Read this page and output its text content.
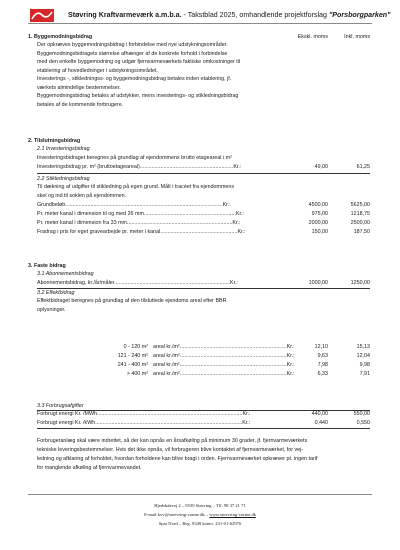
Støvring Kraftvarmeværk a.m.b.a. - Takstblad 2025, omhandlende projektforslag "Porsborgparken"
Ekskl. moms	Inkl. moms
1. Byggemodningsbidrag
Der opkræves byggemodningsbidrag i forbindelse med nye udstykningsområder.
Byggemodningsbidragets størrelse afhænger af de konkrete forhold i forbindelse
med den enkelte byggemodning og udgør fjernvarmeværkets faktiske omkostninger til
etablering af hovedledninger i udstykningsområdet.
Investerings -, stikledningss- og byggemodningsbidrag betales inden etablering, jf.
værkets almindelige bestemmelser.
Byggemodningsbidrag betales af udstykker, mens investerings- og stikledningsbidrag
betales af de kommende forbrugere.
2. Tilslutningsbidrag
2.1 Investeringsbidrag
Investeringsbidraget beregnes på grundlag af ejendommens brutto etageareal i m²
Investeringsbidrag pr. m² (bruttoetageareal)...............................................................Kr.:	49,00	61,25
2.2 Stikledningsbidrag
Til dækning af udgifter til stikledning på egen grund. Målt i tracéet fra ejendommens
skel og ind til soklen på ejendommen.
Grundbeløb..........................................................................................................Kr.:	4500,00	5625,00
Pr. meter kanal i dimension til og med 26 mm..............................................................Kr.:	975,00	1218,75
Pr. meter kanal i dimension fra 33 mm.......................................................................Kr.:	2000,00	2500,00
Fradrag i pris for eget gravearbejde pr. meter i kanal....................................................Kr.:	150,00	187,50
3. Faste bidrag
3.1 Abonnementsbidrag
Abonnementsbidrag, kr./år/måler..............................................................................Kr.:	1000,00	1250,00
3.2 Effektbidrag
Effektbidraget beregnes på grundlag af den tilsluttede ejendoms areal efter BBR
oplysninger.
0 - 120 m² areal kr./m²........................................................................Kr.:	12,10	15,13
121 - 240 m² areal kr./m²........................................................................Kr.:	9,63	12,04
241 - 400 m² areal kr./m²........................................................................Kr.:	7,98	9,98
> 400 m² areal kr./m²........................................................................Kr.:	6,33	7,91
3.3 Forbrugsafgifter
Forbrugt energi Kr. /MWh..................................................................................................Kr.:	440,00	550,00
Forbrugt energi Kr. /kWh...................................................................................................Kr.:	0,440	0,550
Forbrugeranlæg skal være indrettet, så der kan opnås en årsafkøling på minimum 30 grader, jf. fjernvarmeværkets
tekniske leveringsbestemmelser. Hvis det ikke opnås, vil forbrugeren blive kontaktet af fjernvarmeværket, for vej-
ledning og afklaring af forholdet, hvordan forholdene kan blive bragt i orden. Fjernvarmeværket opkræver pt. ingen tarif
for manglende afkøling af fjernvarmevandet.
Hjedsbakvej 2 – 9530 Støvring – Tlf. 98 37 21 71
E-mail kvv@stoevring-varme.dk – www.stoevring-varme.dk
Spar Nord – Reg. 9349 konto: 231-01-62976
